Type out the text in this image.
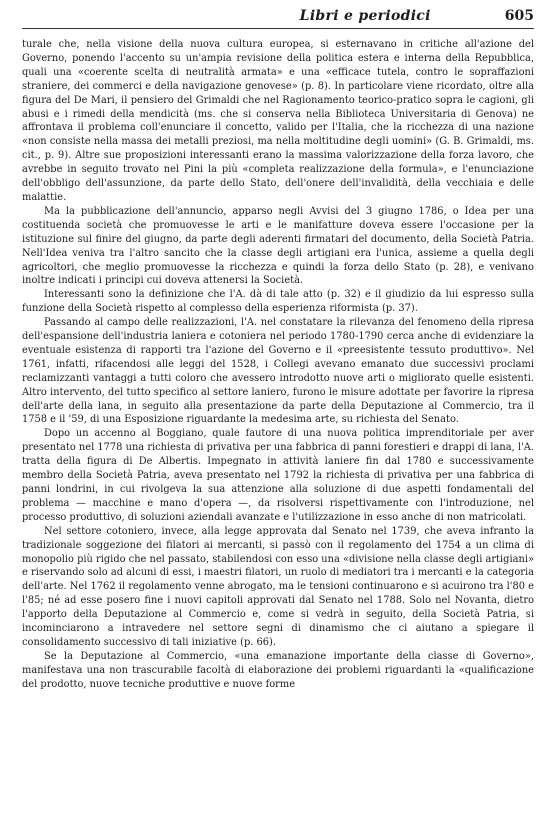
Libri e periodici	605

turale che, nella visione della nuova cultura europea, si esternavano in critiche all'azione del Governo, ponendo l'accento su un'ampia revisione della politica estera e interna della Repubblica, quali una «coerente scelta di neutralità armata» e una «efficace tutela, contro le sopraffazioni straniere, dei commerci e della navigazione genovese» (p. 8). In particolare viene ricordato, oltre alla figura del De Mari, il pensiero del Grimaldi che nel Ragionamento teorico-pratico sopra le cagioni, gli abusi e i rimedi della mendicità (ms. che si conserva nella Biblioteca Universitaria di Genova) ne affrontava il problema coll'enunciare il concetto, valido per l'Italia, che la ricchezza di una nazione «non consiste nella massa dei metalli preziosi, ma nella moltitudine degli uomini» (G. B. Grimaldi, ms. cit., p. 9). Altre sue proposizioni interessanti erano la massima valorizzazione della forza lavoro, che avrebbe in seguito trovato nel Pini la più «completa realizzazione della formula», e l'enunciazione dell'obbligo dell'assunzione, da parte dello Stato, dell'onere dell'invalidità, della vecchiaia e delle malattie.

Ma la pubblicazione dell'annuncio, apparso negli Avvisi del 3 giugno 1786, o Idea per una costituenda società che promuovesse le arti e le manifatture doveva essere l'occasione per la istituzione sul finire del giugno, da parte degli aderenti firmatari del documento, della Società Patria. Nell'Idea veniva tra l'altro sancito che la classe degli artigiani era l'unica, assieme a quella degli agricoltori, che meglio promuovesse la ricchezza e quindi la forza dello Stato (p. 28), e venivano inoltre indicati i principi cui doveva attenersi la Società.

Interessanti sono la definizione che l'A. dà di tale atto (p. 32) e il giudizio da lui espresso sulla funzione della Società rispetto al complesso della esperienza riformista (p. 37).

Passando al campo delle realizzazioni, l'A. nel constatare la rilevanza del fenomeno della ripresa dell'espansione dell'industria laniera e cotoniera nel periodo 1780-1790 cerca anche di evidenziare la eventuale esistenza di rapporti tra l'azione del Governo e il «preesistente tessuto produttivo». Nel 1761, infatti, rifacendosi alle leggi del 1528, i Collegi avevano emanato due successivi proclami reclamizzanti vantaggi a tutti coloro che avessero introdotto nuove arti o migliorato quelle esistenti. Altro intervento, del tutto specifico al settore laniero, furono le misure adottate per favorire la ripresa dell'arte della lana, in seguito alla presentazione da parte della Deputazione al Commercio, tra il 1758 e il '59, di una Esposizione riguardante la medesima arte, su richiesta del Senato.

Dopo un accenno al Boggiano, quale fautore di una nuova politica imprenditoriale per aver presentato nel 1778 una richiesta di privativa per una fabbrica di panni forestieri e drappi di lana, l'A. tratta della figura di De Albertis. Impegnato in attività laniere fin dal 1780 e successivamente membro della Società Patria, aveva presentato nel 1792 la richiesta di privativa per una fabbrica di panni londrini, in cui rivolgeva la sua attenzione alla soluzione di due aspetti fondamentali del problema — macchine e mano d'opera —, da risolversi rispettivamente con l'introduzione, nel processo produttivo, di soluzioni aziendali avanzate e l'utilizzazione in esso anche di non matricolati.

Nel settore cotoniero, invece, alla legge approvata dal Senato nel 1739, che aveva infranto la tradizionale soggezione dei filatori ai mercanti, si passò con il regolamento del 1754 a un clima di monopolio più rigido che nel passato, stabilendosi con esso una «divisione nella classe degli artigiani» e riservando solo ad alcuni di essi, i maestri filatori, un ruolo di mediatori tra i mercanti e la categoria dell'arte. Nel 1762 il regolamento venne abrogato, ma le tensioni continuarono e si acuirono tra l'80 e l'85; né ad esse posero fine i nuovi capitoli approvati dal Senato nel 1788. Solo nel Novanta, dietro l'apporto della Deputazione al Commercio e, come si vedrà in seguito, della Società Patria, si incominciarono a intravedere nel settore segni di dinamismo che ci aiutano a spiegare il consolidamento successivo di tali iniziative (p. 66).

Se la Deputazione al Commercio, «una emanazione importante della classe di Governo», manifestava una non trascurabile facoltà di elaborazione dei problemi riguardanti la «qualificazione del prodotto, nuove tecniche produttive e nuove forme
